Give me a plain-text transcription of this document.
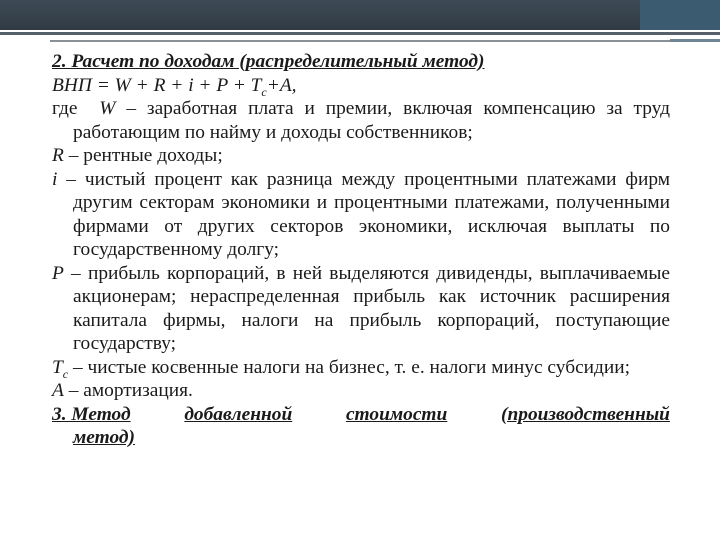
2. Расчет по доходам (распределительный метод)

ВНП = $W + R + i + P + T_c+A$,

где  W – заработная плата и премии, включая компенсацию за труд работающим по найму и доходы собственников;

R – рентные доходы;

i – чистый процент как разница между процентными платежами фирм другим секторам экономики и процентными платежами, полученными фирмами от других секторов экономики, исключая выплаты по государственному долгу;

P – прибыль корпораций, в ней выделяются дивиденды, выплачиваемые акционерам; нераспределенная прибыль как источник расширения капитала фирмы, налоги на прибыль корпораций, поступающие государству;

$T_c$ – чистые косвенные налоги на бизнес, т. е. налоги минус субсидии;

A – амортизация.

3. Метод	добавленной	стоимости	(производственный

метод)
